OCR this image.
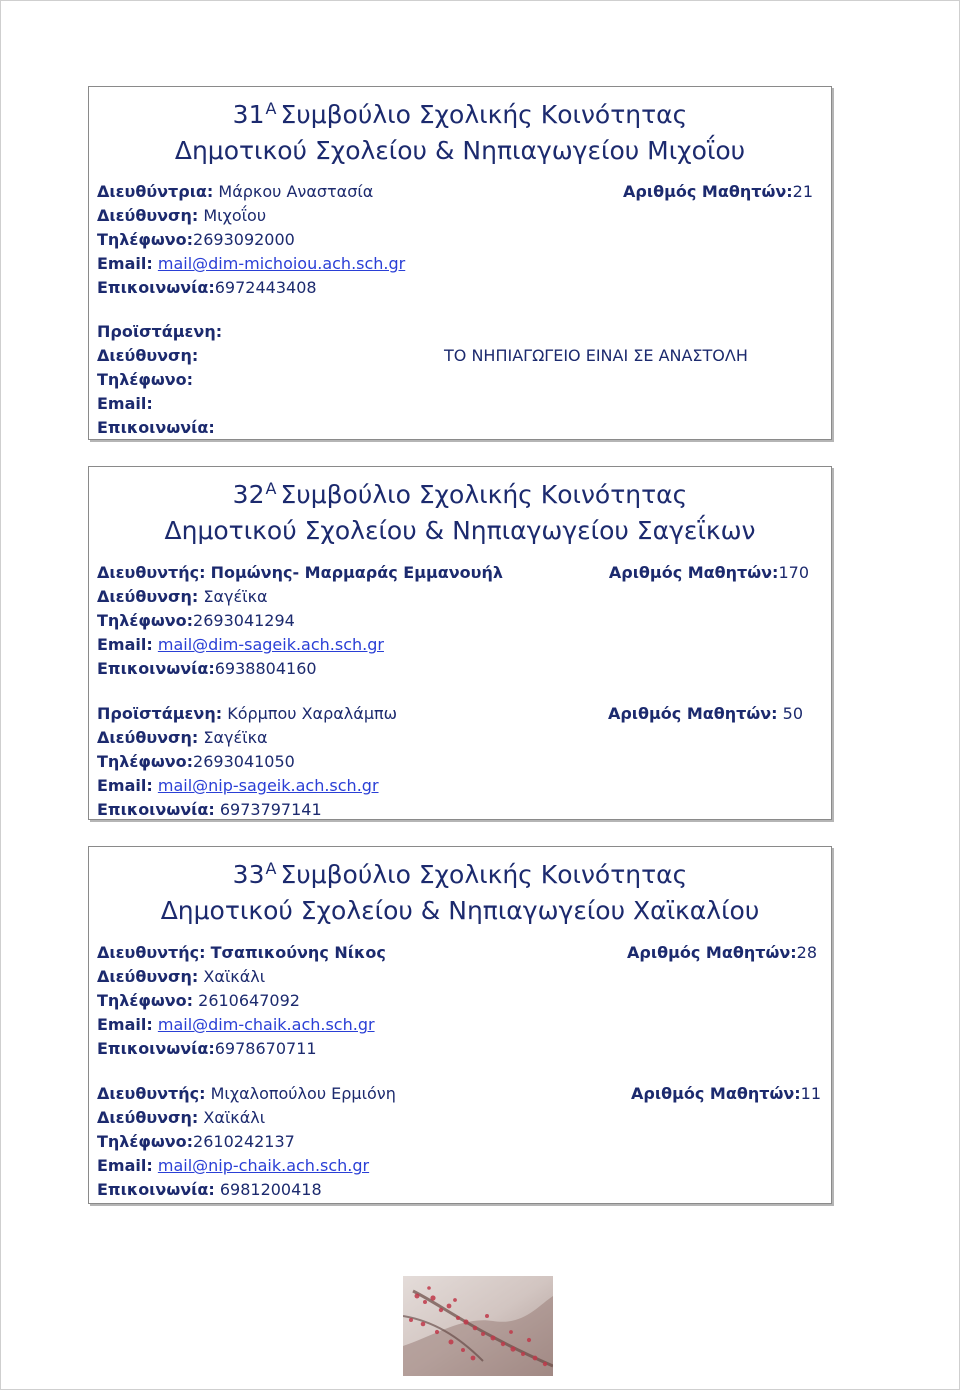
$31^A$ Συμβούλιο Σχολικής Κοινότητας
Δημοτικού Σχολείου & Νηπιαγωγείου Μιχοΐου
Διευθύντρια: Μάρκου Αναστασία	Αριθμός Μαθητών:21
Διεύθυνση: Μιχοΐου
Τηλέφωνο:2693092000
Email: mail@dim-michoiou.ach.sch.gr
Επικοινωνία:6972443408
Προϊστάμενη:
Διεύθυνση:	ΤΟ ΝΗΠΙΑΓΩΓΕΙΟ ΕΙΝΑΙ ΣΕ ΑΝΑΣΤΟΛΗ
Τηλέφωνο:
Email:
Επικοινωνία:
$32^A$ Συμβούλιο Σχολικής Κοινότητας
Δημοτικού Σχολείου & Νηπιαγωγείου Σαγεΐκων
Διευθυντής: Πομώνης- Μαρμαράς Εμμανουήλ	Αριθμός Μαθητών:170
Διεύθυνση: Σαγέϊκα
Τηλέφωνο:2693041294
Email: mail@dim-sageik.ach.sch.gr
Επικοινωνία:6938804160
Προϊστάμενη: Κόρμπου Χαραλάμπω	Αριθμός Μαθητών: 50
Διεύθυνση: Σαγέϊκα
Τηλέφωνο:2693041050
Email: mail@nip-sageik.ach.sch.gr
Επικοινωνία: 6973797141
$33^A$ Συμβούλιο Σχολικής Κοινότητας
Δημοτικού Σχολείου & Νηπιαγωγείου Χαϊκαλίου
Διευθυντής: Τσαπικούνης Νίκος	Αριθμός Μαθητών:28
Διεύθυνση: Χαϊκάλι
Τηλέφωνο: 2610647092
Email: mail@dim-chaik.ach.sch.gr
Επικοινωνία:6978670711
Διευθυντής: Μιχαλοπούλου Ερμιόνη	Αριθμός Μαθητών:11
Διεύθυνση: Χαϊκάλι
Τηλέφωνο:2610242137
Email: mail@nip-chaik.ach.sch.gr
Επικοινωνία: 6981200418
